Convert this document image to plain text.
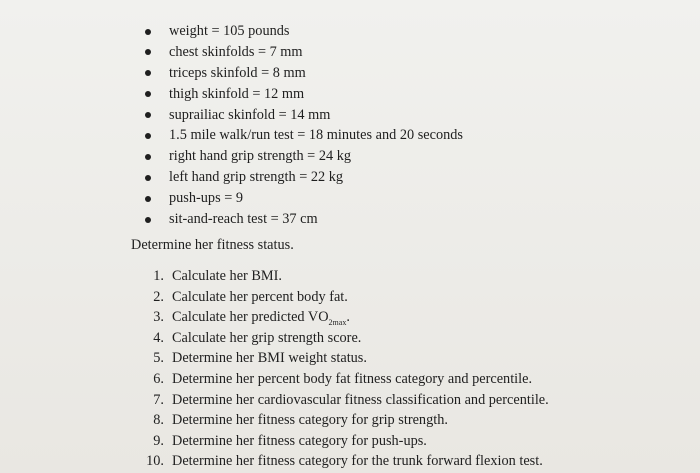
weight = 105 pounds
chest skinfolds = 7 mm
triceps skinfold = 8 mm
thigh skinfold = 12 mm
suprailiac skinfold = 14 mm
1.5 mile walk/run test = 18 minutes and 20 seconds
right hand grip strength = 24 kg
left hand grip strength = 22 kg
push-ups = 9
sit-and-reach test = 37 cm

Determine her fitness status.

1. Calculate her BMI.
2. Calculate her percent body fat.
3. Calculate her predicted $VO_{2max}$.
4. Calculate her grip strength score.
5. Determine her BMI weight status.
6. Determine her percent body fat fitness category and percentile.
7. Determine her cardiovascular fitness classification and percentile.
8. Determine her fitness category for grip strength.
9. Determine her fitness category for push-ups.
10. Determine her fitness category for the trunk forward flexion test.
